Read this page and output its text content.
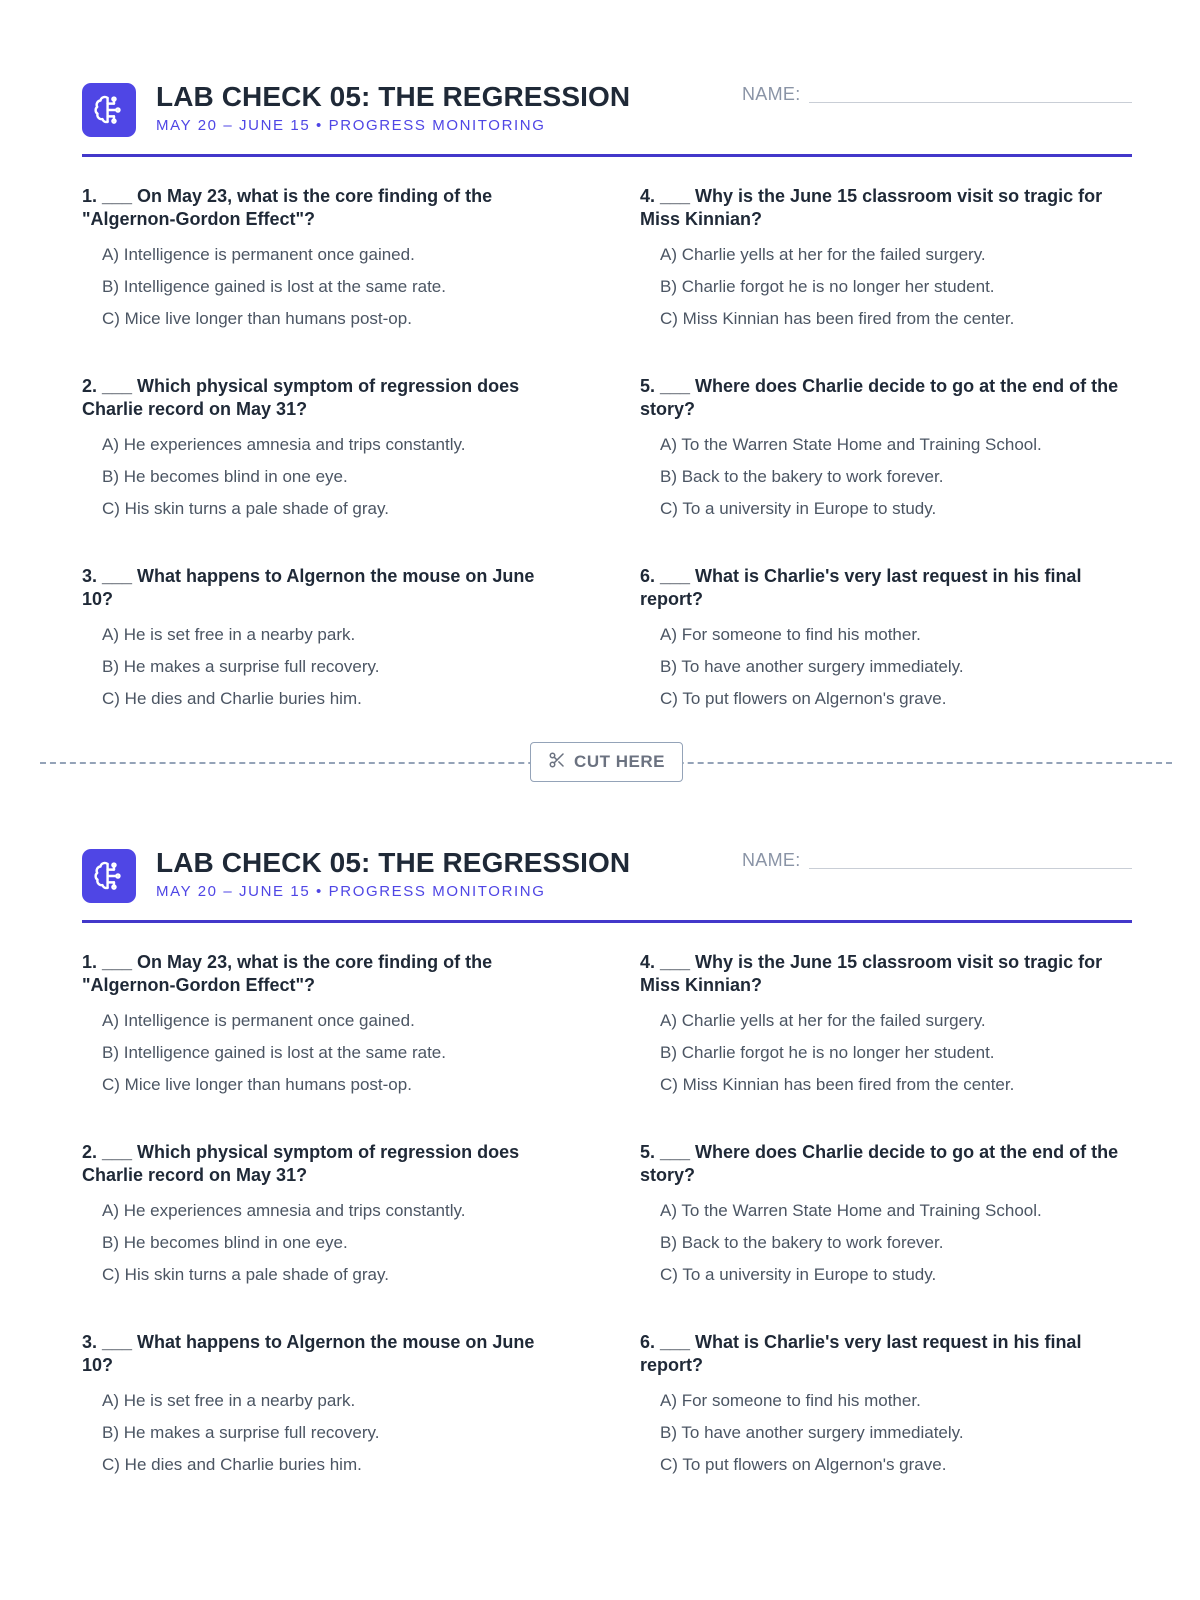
LAB CHECK 05: THE REGRESSION
MAY 20 – JUNE 15 • PROGRESS MONITORING
NAME:
1. ___ On May 23, what is the core finding of the "Algernon-Gordon Effect"?
A) Intelligence is permanent once gained.
B) Intelligence gained is lost at the same rate.
C) Mice live longer than humans post-op.
2. ___ Which physical symptom of regression does Charlie record on May 31?
A) He experiences amnesia and trips constantly.
B) He becomes blind in one eye.
C) His skin turns a pale shade of gray.
3. ___ What happens to Algernon the mouse on June 10?
A) He is set free in a nearby park.
B) He makes a surprise full recovery.
C) He dies and Charlie buries him.
4. ___ Why is the June 15 classroom visit so tragic for Miss Kinnian?
A) Charlie yells at her for the failed surgery.
B) Charlie forgot he is no longer her student.
C) Miss Kinnian has been fired from the center.
5. ___ Where does Charlie decide to go at the end of the story?
A) To the Warren State Home and Training School.
B) Back to the bakery to work forever.
C) To a university in Europe to study.
6. ___ What is Charlie's very last request in his final report?
A) For someone to find his mother.
B) To have another surgery immediately.
C) To put flowers on Algernon's grave.
CUT HERE
LAB CHECK 05: THE REGRESSION
MAY 20 – JUNE 15 • PROGRESS MONITORING
NAME:
1. ___ On May 23, what is the core finding of the "Algernon-Gordon Effect"?
A) Intelligence is permanent once gained.
B) Intelligence gained is lost at the same rate.
C) Mice live longer than humans post-op.
2. ___ Which physical symptom of regression does Charlie record on May 31?
A) He experiences amnesia and trips constantly.
B) He becomes blind in one eye.
C) His skin turns a pale shade of gray.
3. ___ What happens to Algernon the mouse on June 10?
A) He is set free in a nearby park.
B) He makes a surprise full recovery.
C) He dies and Charlie buries him.
4. ___ Why is the June 15 classroom visit so tragic for Miss Kinnian?
A) Charlie yells at her for the failed surgery.
B) Charlie forgot he is no longer her student.
C) Miss Kinnian has been fired from the center.
5. ___ Where does Charlie decide to go at the end of the story?
A) To the Warren State Home and Training School.
B) Back to the bakery to work forever.
C) To a university in Europe to study.
6. ___ What is Charlie's very last request in his final report?
A) For someone to find his mother.
B) To have another surgery immediately.
C) To put flowers on Algernon's grave.
